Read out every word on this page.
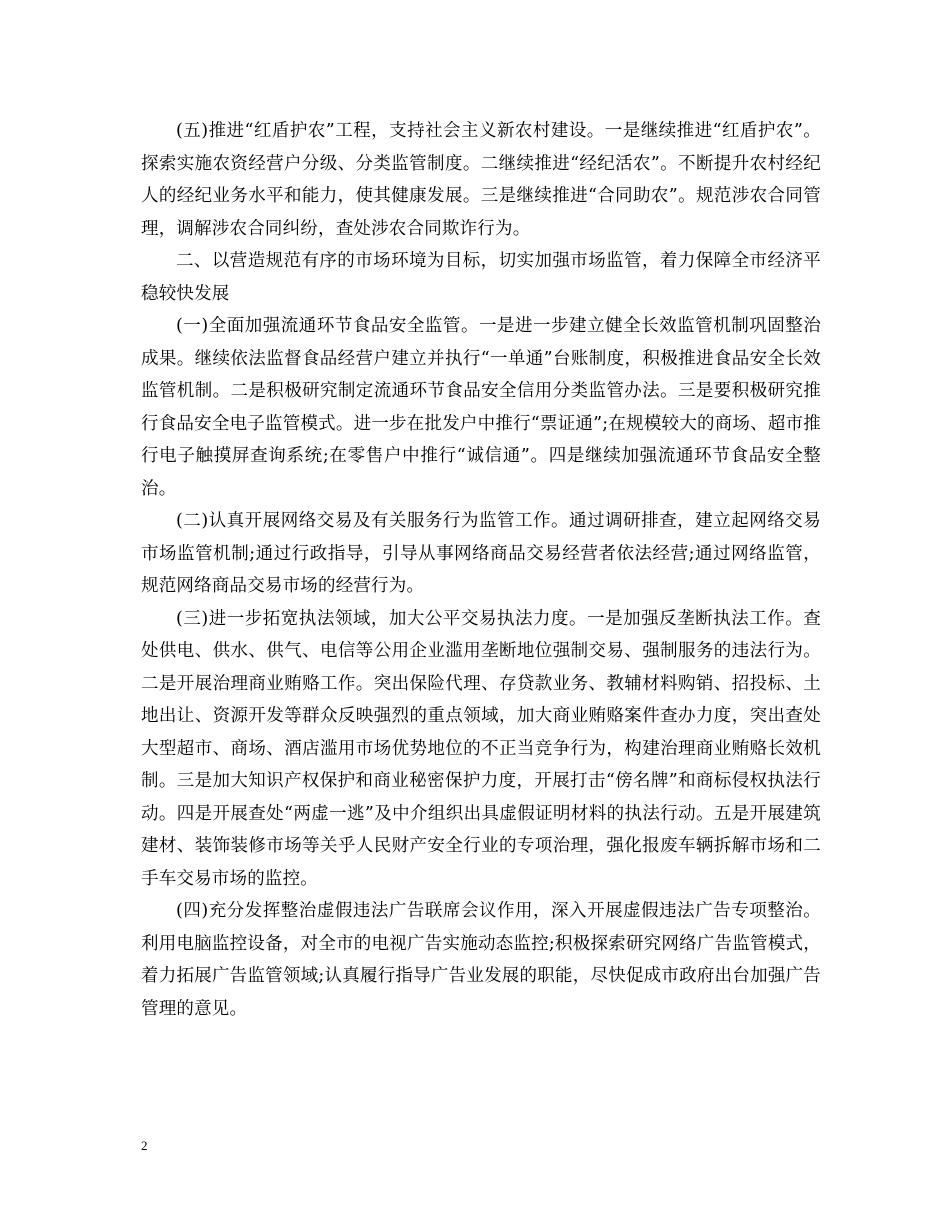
(五)推进“红盾护农”工程，支持社会主义新农村建设。一是继续推进“红盾护农”。探索实施农资经营户分级、分类监管制度。二继续推进“经纪活农”。不断提升农村经纪人的经纪业务水平和能力，使其健康发展。三是继续推进“合同助农”。规范涉农合同管理，调解涉农合同纠纷，查处涉农合同欺诈行为。

二、以营造规范有序的市场环境为目标，切实加强市场监管，着力保障全市经济平稳较快发展

(一)全面加强流通环节食品安全监管。一是进一步建立健全长效监管机制巩固整治成果。继续依法监督食品经营户建立并执行“一单通”台账制度，积极推进食品安全长效监管机制。二是积极研究制定流通环节食品安全信用分类监管办法。三是要积极研究推行食品安全电子监管模式。进一步在批发户中推行“票证通”;在规模较大的商场、超市推行电子触摸屏查询系统;在零售户中推行“诚信通”。四是继续加强流通环节食品安全整治。

(二)认真开展网络交易及有关服务行为监管工作。通过调研排查，建立起网络交易市场监管机制;通过行政指导，引导从事网络商品交易经营者依法经营;通过网络监管，规范网络商品交易市场的经营行为。

(三)进一步拓宽执法领域，加大公平交易执法力度。一是加强反垄断执法工作。查处供电、供水、供气、电信等公用企业滥用垄断地位强制交易、强制服务的违法行为。二是开展治理商业贿赂工作。突出保险代理、存贷款业务、教辅材料购销、招投标、土地出让、资源开发等群众反映强烈的重点领域，加大商业贿赂案件查办力度，突出查处大型超市、商场、酒店滥用市场优势地位的不正当竞争行为，构建治理商业贿赂长效机制。三是加大知识产权保护和商业秘密保护力度，开展打击“傍名牌”和商标侵权执法行动。四是开展查处“两虚一逃”及中介组织出具虚假证明材料的执法行动。五是开展建筑建材、装饰装修市场等关乎人民财产安全行业的专项治理，强化报废车辆拆解市场和二手车交易市场的监控。

(四)充分发挥整治虚假违法广告联席会议作用，深入开展虚假违法广告专项整治。利用电脑监控设备，对全市的电视广告实施动态监控;积极探索研究网络广告监管模式，着力拓展广告监管领域;认真履行指导广告业发展的职能，尽快促成市政府出台加强广告管理的意见。

2
